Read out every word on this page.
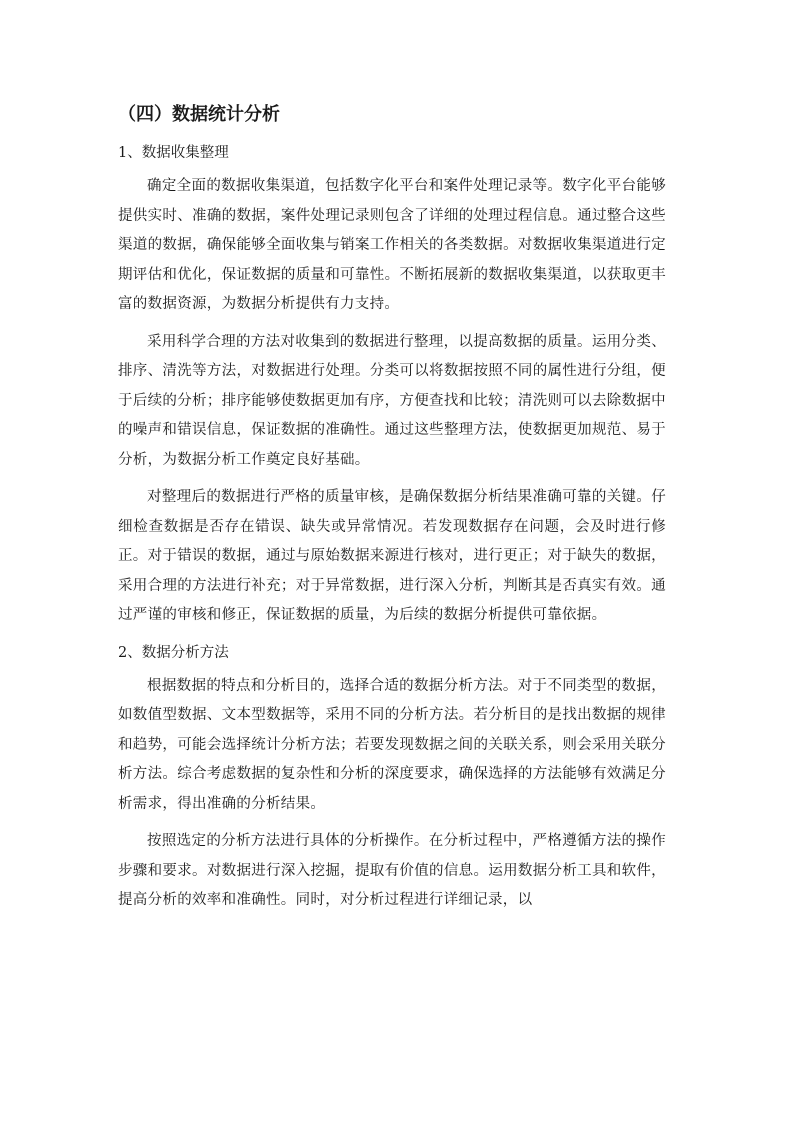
（四）数据统计分析
1、数据收集整理

确定全面的数据收集渠道，包括数字化平台和案件处理记录等。数字化平台能够提供实时、准确的数据，案件处理记录则包含了详细的处理过程信息。通过整合这些渠道的数据，确保能够全面收集与销案工作相关的各类数据。对数据收集渠道进行定期评估和优化，保证数据的质量和可靠性。不断拓展新的数据收集渠道，以获取更丰富的数据资源，为数据分析提供有力支持。

采用科学合理的方法对收集到的数据进行整理，以提高数据的质量。运用分类、排序、清洗等方法，对数据进行处理。分类可以将数据按照不同的属性进行分组，便于后续的分析；排序能够使数据更加有序，方便查找和比较；清洗则可以去除数据中的噪声和错误信息，保证数据的准确性。通过这些整理方法，使数据更加规范、易于分析，为数据分析工作奠定良好基础。

对整理后的数据进行严格的质量审核，是确保数据分析结果准确可靠的关键。仔细检查数据是否存在错误、缺失或异常情况。若发现数据存在问题，会及时进行修正。对于错误的数据，通过与原始数据来源进行核对，进行更正；对于缺失的数据，采用合理的方法进行补充；对于异常数据，进行深入分析，判断其是否真实有效。通过严谨的审核和修正，保证数据的质量，为后续的数据分析提供可靠依据。

2、数据分析方法

根据数据的特点和分析目的，选择合适的数据分析方法。对于不同类型的数据，如数值型数据、文本型数据等，采用不同的分析方法。若分析目的是找出数据的规律和趋势，可能会选择统计分析方法；若要发现数据之间的关联关系，则会采用关联分析方法。综合考虑数据的复杂性和分析的深度要求，确保选择的方法能够有效满足分析需求，得出准确的分析结果。

按照选定的分析方法进行具体的分析操作。在分析过程中，严格遵循方法的操作步骤和要求。对数据进行深入挖掘，提取有价值的信息。运用数据分析工具和软件，提高分析的效率和准确性。同时，对分析过程进行详细记录，以
